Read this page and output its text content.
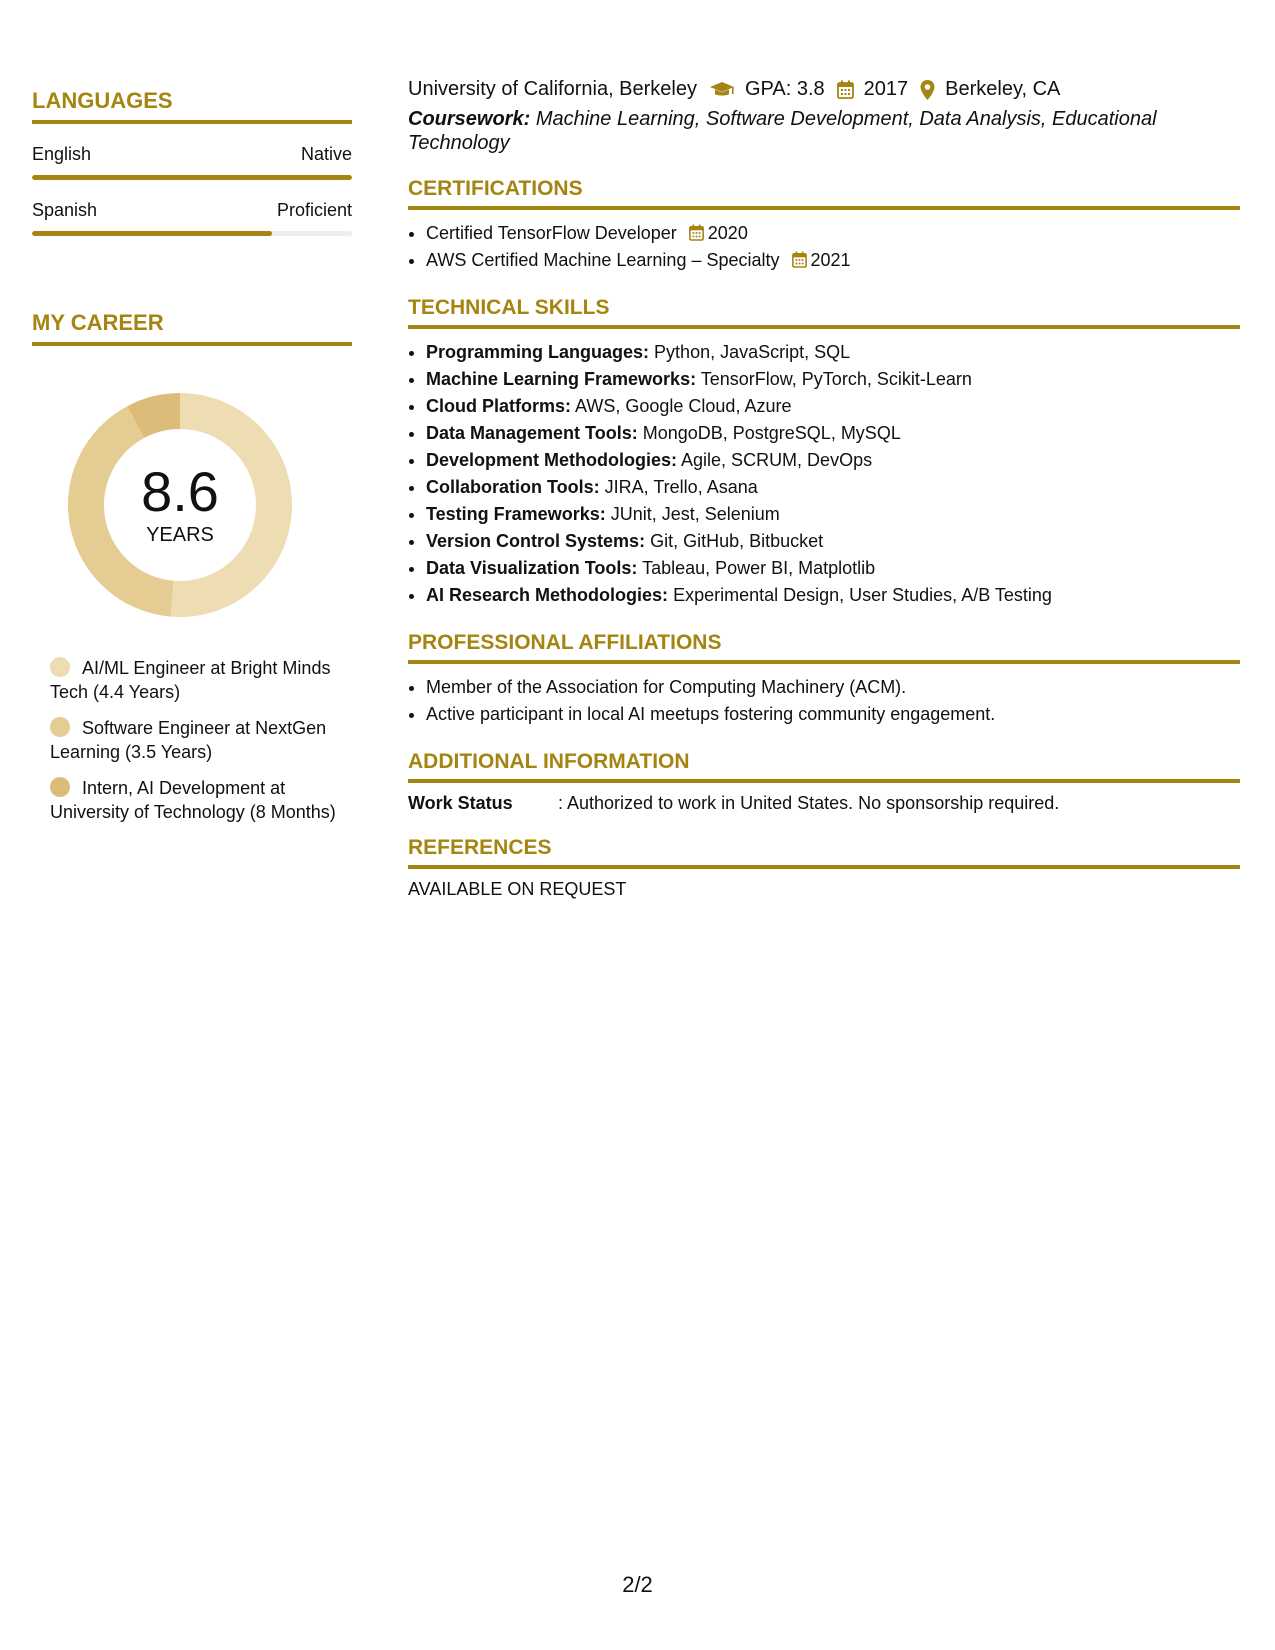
LANGUAGES
English	Native
Spanish	Proficient
MY CAREER
8.6
YEARS
AI/ML Engineer at Bright Minds Tech (4.4 Years)
Software Engineer at NextGen Learning (3.5 Years)
Intern, AI Development at University of Technology (8 Months)
University of California, Berkeley GPA: 3.8 2017 Berkeley, CA
Coursework: Machine Learning, Software Development, Data Analysis, Educational Technology
CERTIFICATIONS
• Certified TensorFlow Developer 2020
• AWS Certified Machine Learning – Specialty 2021
TECHNICAL SKILLS
• Programming Languages: Python, JavaScript, SQL
• Machine Learning Frameworks: TensorFlow, PyTorch, Scikit-Learn
• Cloud Platforms: AWS, Google Cloud, Azure
• Data Management Tools: MongoDB, PostgreSQL, MySQL
• Development Methodologies: Agile, SCRUM, DevOps
• Collaboration Tools: JIRA, Trello, Asana
• Testing Frameworks: JUnit, Jest, Selenium
• Version Control Systems: Git, GitHub, Bitbucket
• Data Visualization Tools: Tableau, Power BI, Matplotlib
• AI Research Methodologies: Experimental Design, User Studies, A/B Testing
PROFESSIONAL AFFILIATIONS
• Member of the Association for Computing Machinery (ACM).
• Active participant in local AI meetups fostering community engagement.
ADDITIONAL INFORMATION
Work Status	: Authorized to work in United States. No sponsorship required.
REFERENCES
AVAILABLE ON REQUEST
2/2
